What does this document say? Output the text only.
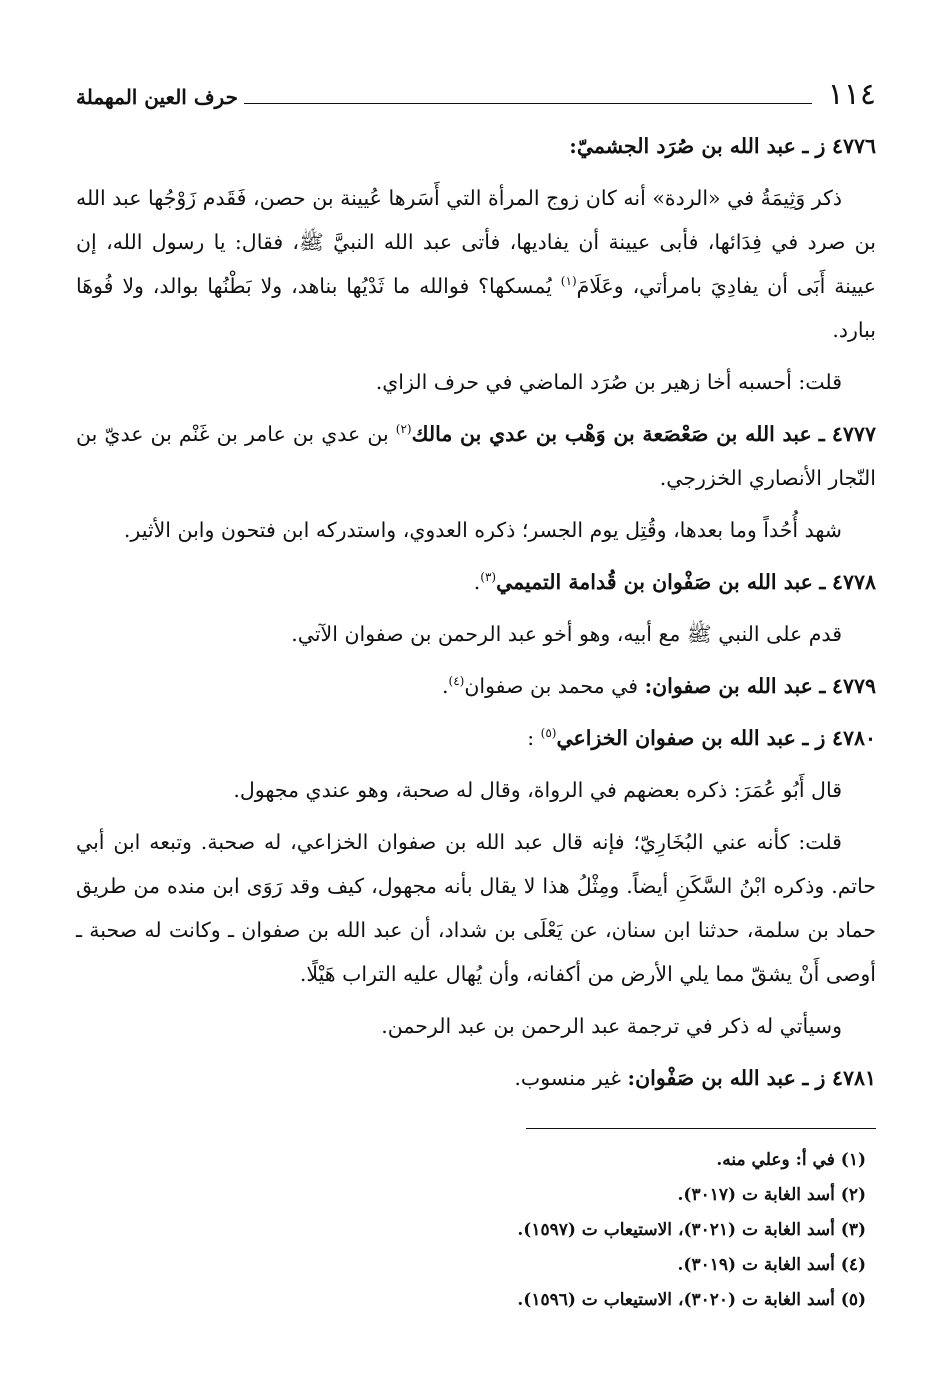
١١٤
حرف العين المهملة
٤٧٧٦ ز ـ عبد الله بن صُرَد الجشميّ:

ذكر وَثِيمَةُ في «الردة» أنه كان زوج المرأة التي أَسَرها عُيينة بن حصن، فَقَدم زَوْجُها عبد الله بن صرد في فِدَائها، فأبى عيينة أن يفاديها، فأتى عبد الله النبيَّ ﷺ، فقال: يا رسول الله، إن عيينة أَبَى أن يفادِيَ بامرأتي، وعَلَامَ$^{(١)}$ يُمسكها؟ فوالله ما ثَدْيُها بناهد، ولا بَطْنُها بوالد، ولا فُوهَا ببارد.

قلت: أحسبه أخا زهير بن صُرَد الماضي في حرف الزاي.

٤٧٧٧ ـ عبد الله بن صَعْصَعة بن وَهْب بن عدي بن مالك$^{(٢)}$ بن عدي بن عامر بن غَنْم بن عديّ بن النّجار الأنصاري الخزرجي.

شهد أُحُداً وما بعدها، وقُتِل يوم الجسر؛ ذكره العدوي، واستدركه ابن فتحون وابن الأثير.

٤٧٧٨ ـ عبد الله بن صَفْوان بن قُدامة التميمي$^{(٣)}$.

قدم على النبي ﷺ مع أبيه، وهو أخو عبد الرحمن بن صفوان الآتي.

٤٧٧٩ ـ عبد الله بن صفوان: في محمد بن صفوان$^{(٤)}$.
٤٧٨٠ ز ـ عبد الله بن صفوان الخزاعي$^{(٥)}$ :

قال أَبُو عُمَرَ: ذكره بعضهم في الرواة، وقال له صحبة، وهو عندي مجهول.

قلت: كأنه عني البُخَارِيّ؛ فإنه قال عبد الله بن صفوان الخزاعي، له صحبة. وتبعه ابن أبي حاتم. وذكره ابْنُ السَّكَنِ أيضاً. ومِثْلُ هذا لا يقال بأنه مجهول، كيف وقد رَوَى ابن منده من طريق حماد بن سلمة، حدثنا ابن سنان، عن يَعْلَى بن شداد، أن عبد الله بن صفوان ـ وكانت له صحبة ـ أوصى أَنْ يشقّ مما يلي الأرض من أكفانه، وأن يُهال عليه التراب هَيْلًا.

وسيأتي له ذكر في ترجمة عبد الرحمن بن عبد الرحمن.

٤٧٨١ ز ـ عبد الله بن صَفْوان: غير منسوب.

(١) في أ: وعلي منه.

(٢) أسد الغابة ت (٣٠١٧).

(٣) أسد الغابة ت (٣٠٢١)، الاستيعاب ت (١٥٩٧).

(٤) أسد الغابة ت (٣٠١٩).

(٥) أسد الغابة ت (٣٠٢٠)، الاستيعاب ت (١٥٩٦).
